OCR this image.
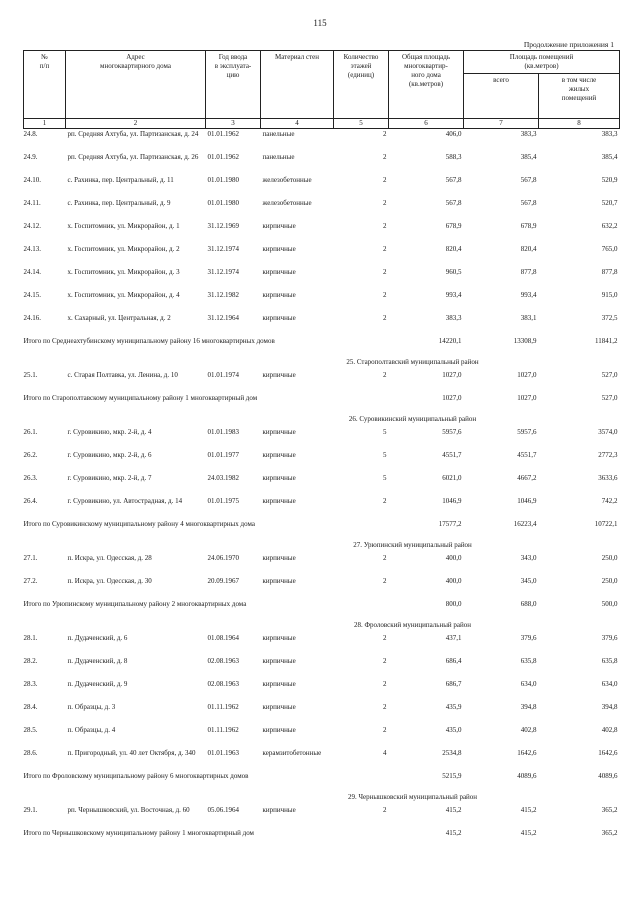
115
Продолжение приложения 1
№
п/п	Адрес
многоквартирного дома	Год ввода
в эксплуата-
цию	Материал стен	Количество
этажей
(единиц)	Общая площадь
многоквартир-
ного дома
(кв.метров)	Площадь помещений
(кв.метров)	
						всего	в том числе
жилых
помещений
1	2	3	4	5	6	7	8
24.8.	рп. Средняя Ахтуба, ул. Партизанская, д. 24	01.01.1962	панельные	2	406,0	383,3	383,3
24.9.	рп. Средняя Ахтуба, ул. Партизанская, д. 26	01.01.1962	панельные	2	588,3	385,4	385,4
24.10.	с. Рахинка, пер. Центральный, д. 11	01.01.1980	железобетонные	2	567,8	567,8	520,9
24.11.	с. Рахинка, пер. Центральный, д. 9	01.01.1980	железобетонные	2	567,8	567,8	520,7
24.12.	х. Госпитомник, ул. Микрорайон, д. 1	31.12.1969	кирпичные	2	678,9	678,9	632,2
24.13.	х. Госпитомник, ул. Микрорайон, д. 2	31.12.1974	кирпичные	2	820,4	820,4	765,0
24.14.	х. Госпитомник, ул. Микрорайон, д. 3	31.12.1974	кирпичные	2	960,5	877,8	877,8
24.15.	х. Госпитомник, ул. Микрорайон, д. 4	31.12.1982	кирпичные	2	993,4	993,4	915,0
24.16.	х. Сахарный, ул. Центральная, д. 2	31.12.1964	кирпичные	2	383,3	383,1	372,5
Итого по Среднеахтубинскому муниципальному району 16 многоквартирных домов					14220,1	13308,9	11841,2
		25. Старополтавский муниципальный район					
25.1.	с. Старая Полтавка, ул. Ленина, д. 10	01.01.1974	кирпичные	2	1027,0	1027,0	527,0
Итого по Старополтавскому муниципальному району 1 многоквартирный дом					1027,0	1027,0	527,0
		26. Суровикинский муниципальный район					
26.1.	г. Суровикино, мкр. 2-й, д. 4	01.01.1983	кирпичные	5	5957,6	5957,6	3574,0
26.2.	г. Суровикино, мкр. 2-й, д. 6	01.01.1977	кирпичные	5	4551,7	4551,7	2772,3
26.3.	г. Суровикино, мкр. 2-й, д. 7	24.03.1982	кирпичные	5	6021,0	4667,2	3633,6
26.4.	г. Суровикино, ул. Автострадная, д. 14	01.01.1975	кирпичные	2	1046,9	1046,9	742,2
Итого по Суровикинскому муниципальному району 4 многоквартирных дома					17577,2	16223,4	10722,1
		27. Урюпинский муниципальный район					
27.1.	п. Искра, ул. Одесская, д. 28	24.06.1970	кирпичные	2	400,0	343,0	250,0
27.2.	п. Искра, ул. Одесская, д. 30	20.09.1967	кирпичные	2	400,0	345,0	250,0
Итого по Урюпинскому муниципальному району 2 многоквартирных дома					800,0	688,0	500,0
		28. Фроловский муниципальный район					
28.1.	п. Дудаченский, д. 6	01.08.1964	кирпичные	2	437,1	379,6	379,6
28.2.	п. Дудаченский, д. 8	02.08.1963	кирпичные	2	686,4	635,8	635,8
28.3.	п. Дудаченский, д. 9	02.08.1963	кирпичные	2	686,7	634,0	634,0
28.4.	п. Образцы, д. 3	01.11.1962	кирпичные	2	435,9	394,8	394,8
28.5.	п. Образцы, д. 4	01.11.1962	кирпичные	2	435,0	402,8	402,8
28.6.	п. Пригородный, ул. 40 лет Октября, д. 340	01.01.1963	керамзитобетонные	4	2534,8	1642,6	1642,6
Итого по Фроловскому муниципальному району 6 многоквартирных домов					5215,9	4089,6	4089,6
		29. Чернышковский муниципальный район					
29.1.	рп. Чернышковский, ул. Восточная, д. 60	05.06.1964	кирпичные	2	415,2	415,2	365,2
Итого по Чернышковскому муниципальному району 1 многоквартирный дом					415,2	415,2	365,2
